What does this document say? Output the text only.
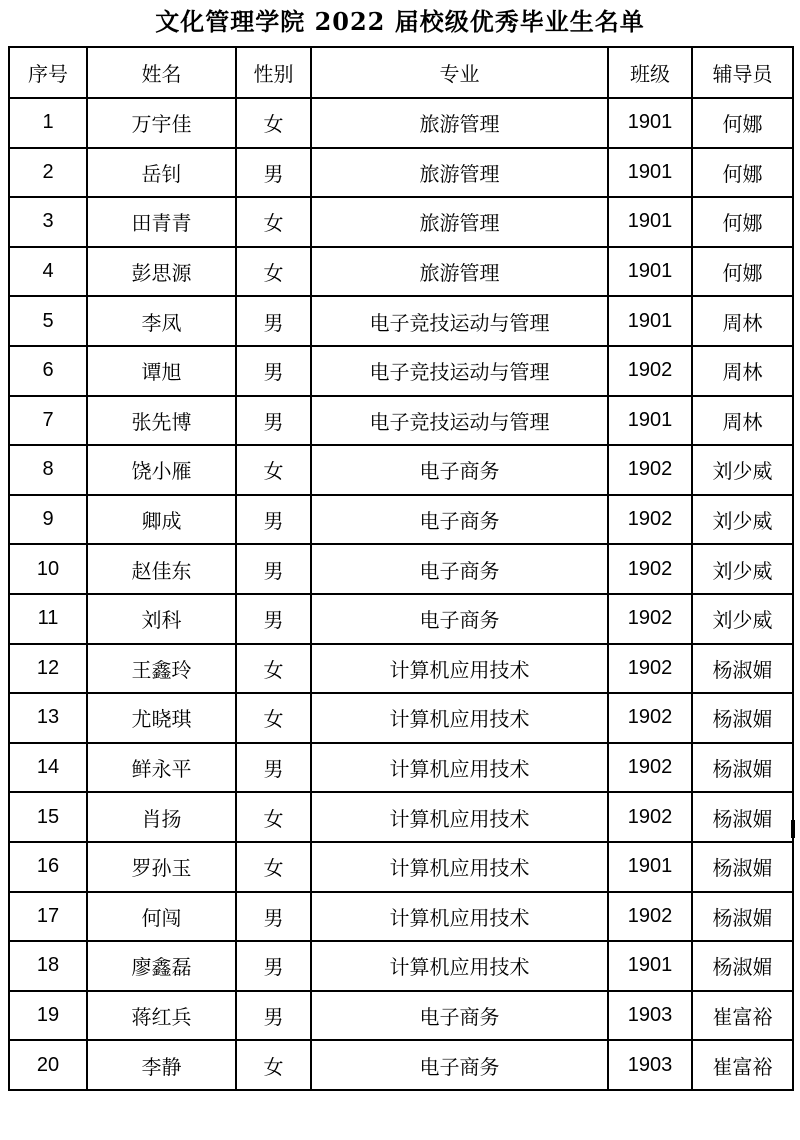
文化管理学院 2022 届校级优秀毕业生名单
序号	姓名	性别	专业	班级	辅导员
1	万宇佳	女	旅游管理	1901	何娜
2	岳钊	男	旅游管理	1901	何娜
3	田青青	女	旅游管理	1901	何娜
4	彭思源	女	旅游管理	1901	何娜
5	李凤	男	电子竞技运动与管理	1901	周林
6	谭旭	男	电子竞技运动与管理	1902	周林
7	张先博	男	电子竞技运动与管理	1901	周林
8	饶小雁	女	电子商务	1902	刘少威
9	卿成	男	电子商务	1902	刘少威
10	赵佳东	男	电子商务	1902	刘少威
11	刘科	男	电子商务	1902	刘少威
12	王鑫玲	女	计算机应用技术	1902	杨淑媚
13	尤晓琪	女	计算机应用技术	1902	杨淑媚
14	鲜永平	男	计算机应用技术	1902	杨淑媚
15	肖扬	女	计算机应用技术	1902	杨淑媚
16	罗孙玉	女	计算机应用技术	1901	杨淑媚
17	何闯	男	计算机应用技术	1902	杨淑媚
18	廖鑫磊	男	计算机应用技术	1901	杨淑媚
19	蒋红兵	男	电子商务	1903	崔富裕
20	李静	女	电子商务	1903	崔富裕
